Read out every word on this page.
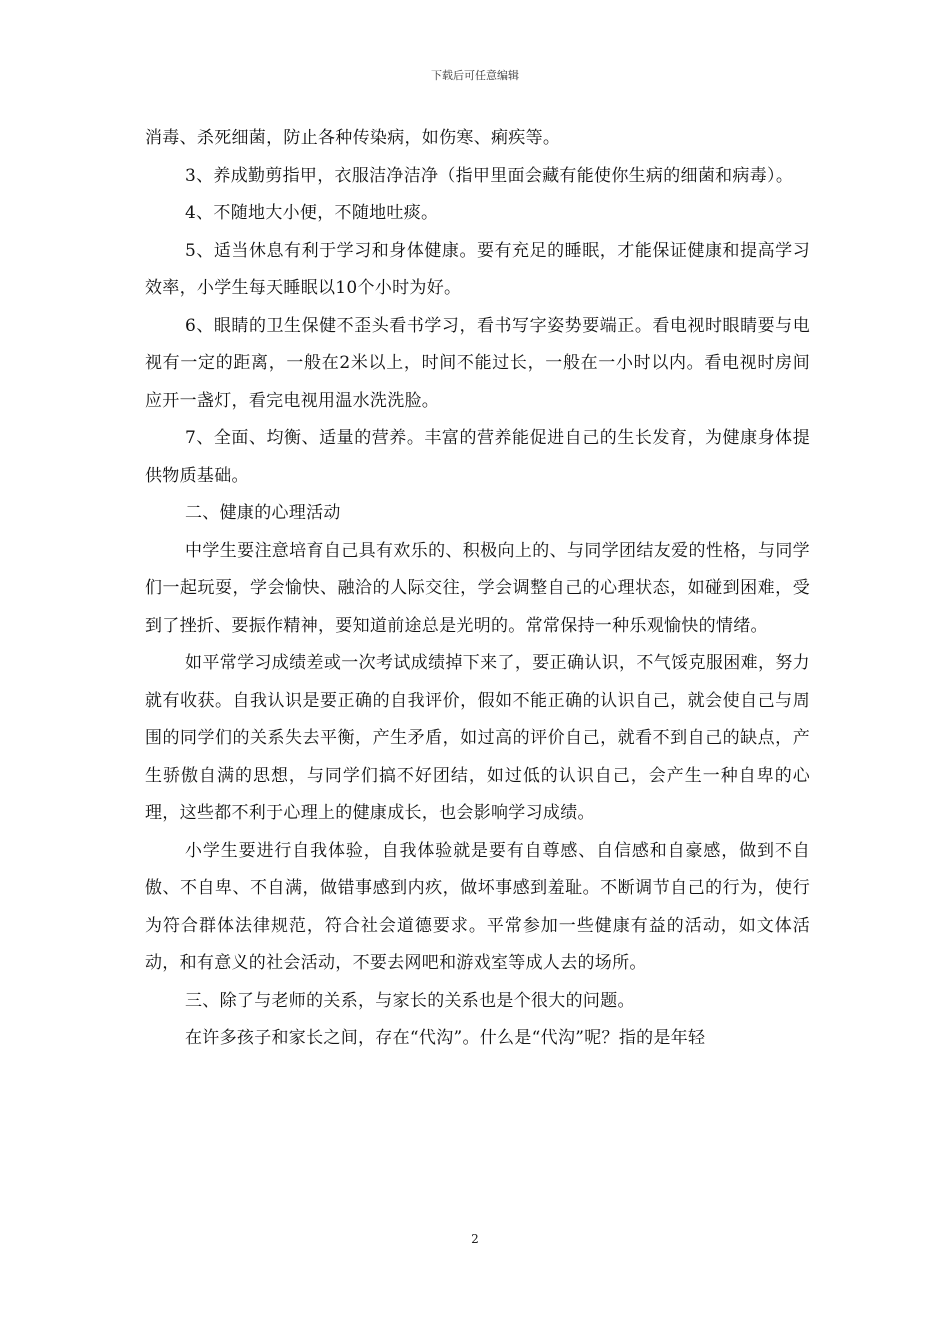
下载后可任意编辑

消毒、杀死细菌，防止各种传染病，如伤寒、痢疾等。

3、养成勤剪指甲，衣服洁净洁净（指甲里面会藏有能使你生病的细菌和病毒）。

4、不随地大小便，不随地吐痰。

5、适当休息有利于学习和身体健康。要有充足的睡眠，才能保证健康和提高学习效率，小学生每天睡眠以10个小时为好。

6、眼睛的卫生保健不歪头看书学习，看书写字姿势要端正。看电视时眼睛要与电视有一定的距离，一般在2米以上，时间不能过长，一般在一小时以内。看电视时房间应开一盏灯，看完电视用温水洗洗脸。

7、全面、均衡、适量的营养。丰富的营养能促进自己的生长发育，为健康身体提供物质基础。

二、健康的心理活动

中学生要注意培育自己具有欢乐的、积极向上的、与同学团结友爱的性格，与同学们一起玩耍，学会愉快、融洽的人际交往，学会调整自己的心理状态，如碰到困难，受到了挫折、要振作精神，要知道前途总是光明的。常常保持一种乐观愉快的情绪。

如平常学习成绩差或一次考试成绩掉下来了，要正确认识，不气馁克服困难，努力就有收获。自我认识是要正确的自我评价，假如不能正确的认识自己，就会使自己与周围的同学们的关系失去平衡，产生矛盾，如过高的评价自己，就看不到自己的缺点，产生骄傲自满的思想，与同学们搞不好团结，如过低的认识自己，会产生一种自卑的心理，这些都不利于心理上的健康成长，也会影响学习成绩。

小学生要进行自我体验，自我体验就是要有自尊感、自信感和自豪感，做到不自傲、不自卑、不自满，做错事感到内疚，做坏事感到羞耻。不断调节自己的行为，使行为符合群体法律规范，符合社会道德要求。平常参加一些健康有益的活动，如文体活动，和有意义的社会活动，不要去网吧和游戏室等成人去的场所。

三、除了与老师的关系，与家长的关系也是个很大的问题。

在许多孩子和家长之间，存在“代沟”。什么是“代沟”呢？指的是年轻

2
